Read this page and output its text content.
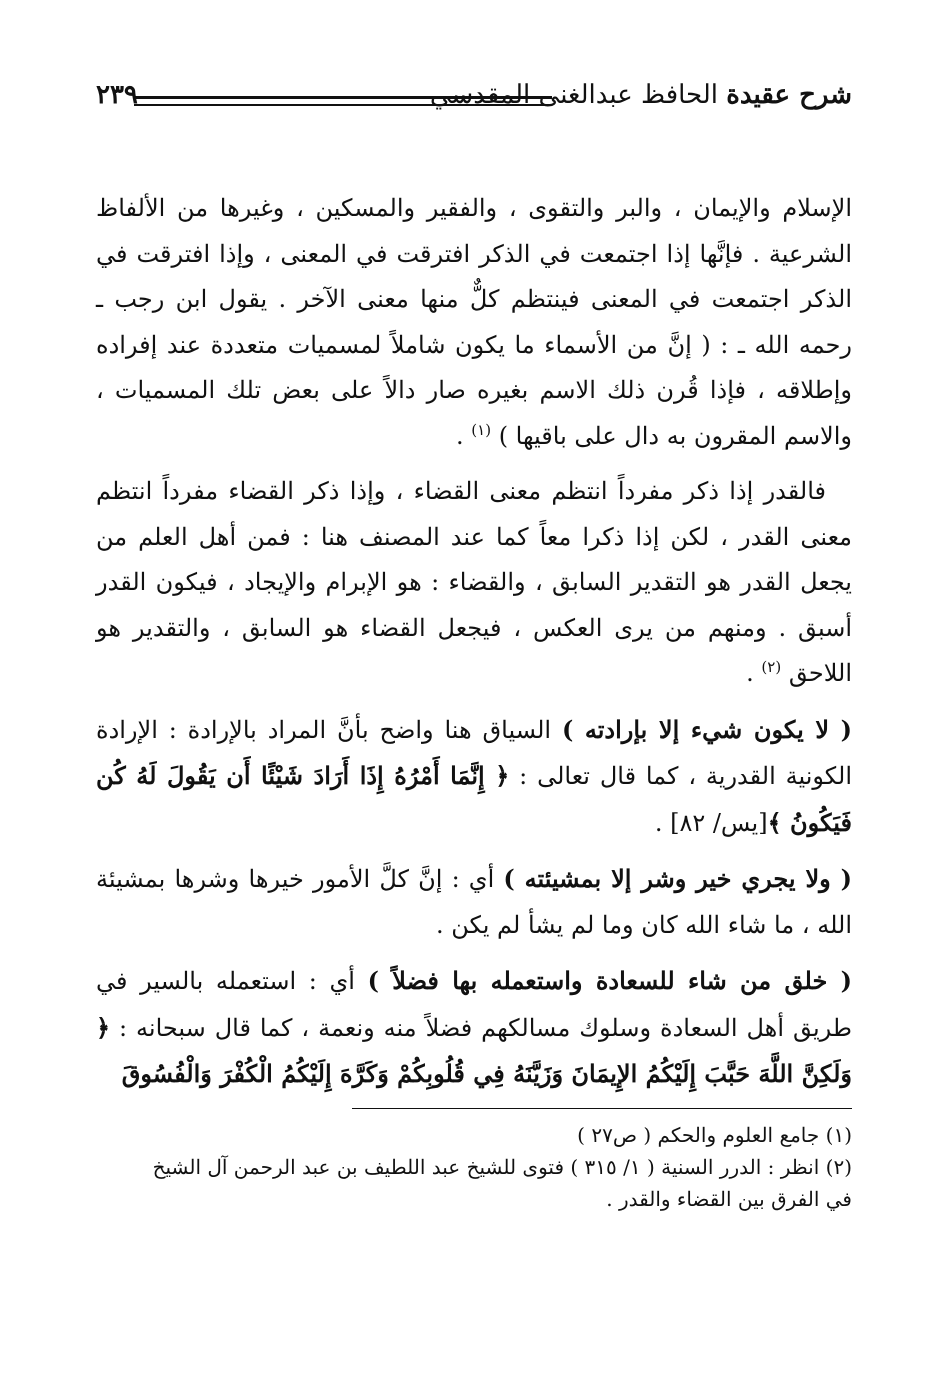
شرح عقيدة الحافظ عبدالغنى المقدسي
٢٣٩

الإسلام والإيمان ، والبر والتقوى ، والفقير والمسكين ، وغيرها من الألفاظ الشرعية . فإنَّها إذا اجتمعت في الذكر افترقت في المعنى ، وإذا افترقت في الذكر اجتمعت في المعنى فينتظم كلٌّ منها معنى الآخر . يقول ابن رجب ـ رحمه الله ـ : ( إنَّ من الأسماء ما يكون شاملاً لمسميات متعددة عند إفراده وإطلاقه ، فإذا قُرن ذلك الاسم بغيره صار دالاً على بعض تلك المسميات ، والاسم المقرون به دال على باقيها ) $^{(١)}$ .

فالقدر إذا ذكر مفرداً انتظم معنى القضاء ، وإذا ذكر القضاء مفرداً انتظم معنى القدر ، لكن إذا ذكرا معاً كما عند المصنف هنا : فمن أهل العلم من يجعل القدر هو التقدير السابق ، والقضاء : هو الإبرام والإيجاد ، فيكون القدر أسبق . ومنهم من يرى العكس ، فيجعل القضاء هو السابق ، والتقدير هو اللاحق $^{(٢)}$ .

( لا يكون شيء إلا بإرادته ) السياق هنا واضح بأنَّ المراد بالإرادة : الإرادة الكونية القدرية ، كما قال تعالى : ﴿ إِنَّمَا أَمْرُهُ إِذَا أَرَادَ شَيْئًا أَن يَقُولَ لَهُ كُن فَيَكُونُ ﴾[يس/ ٨٢] .

( ولا يجري خير وشر إلا بمشيئته ) أي : إنَّ كلَّ الأمور خيرها وشرها بمشيئة الله ، ما شاء الله كان وما لم يشأ لم يكن .

( خلق من شاء للسعادة واستعمله بها فضلاً ) أي : استعمله بالسير في طريق أهل السعادة وسلوك مسالكهم فضلاً منه ونعمة ، كما قال سبحانه : ﴿ وَلَكِنَّ اللَّهَ حَبَّبَ إِلَيْكُمُ الإِيمَانَ وَزَيَّنَهُ فِي قُلُوبِكُمْ وَكَرَّهَ إِلَيْكُمُ الْكُفْرَ وَالْفُسُوقَ

(١) جامع العلوم والحكم ( ص٢٧ )

(٢) انظر : الدرر السنية ( ١/ ٣١٥ ) فتوى للشيخ عبد اللطيف بن عبد الرحمن آل الشيخ

في الفرق بين القضاء والقدر .
